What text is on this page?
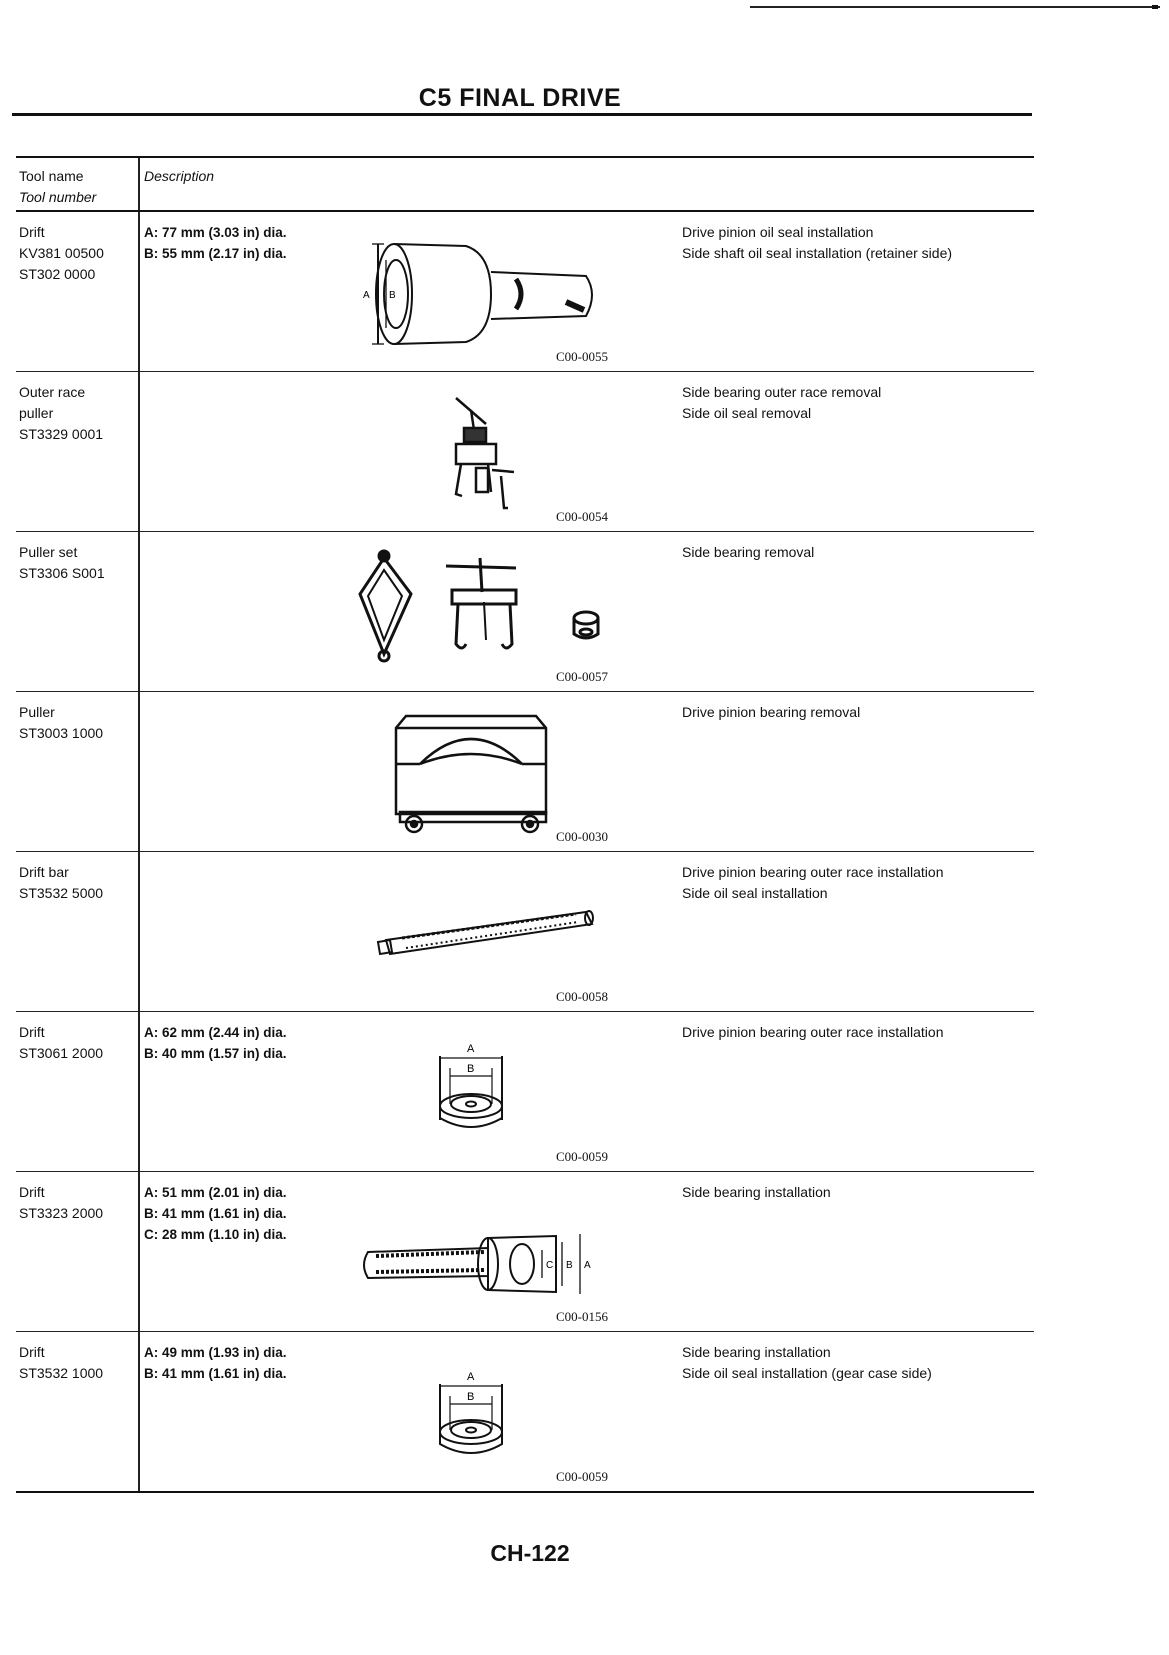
C5 FINAL DRIVE
Tool name
Tool number
Description
Drift
KV381 00500
ST302 0000
A: 77 mm (3.03 in) dia.
B: 55 mm (2.17 in) dia.
A B
C00-0055
Drive pinion oil seal installation
Side shaft oil seal installation (retainer side)
Outer race
puller
ST3329 0001
C00-0054
Side bearing outer race removal
Side oil seal removal
Puller set
ST3306 S001
C00-0057
Side bearing removal
Puller
ST3003 1000
C00-0030
Drive pinion bearing removal
Drift bar
ST3532 5000
C00-0058
Drive pinion bearing outer race installation
Side oil seal installation
Drift
ST3061 2000
A: 62 mm (2.44 in) dia.
B: 40 mm (1.57 in) dia.	A
B
C00-0059
Drive pinion bearing outer race installation
Drift
ST3323 2000
A: 51 mm (2.01 in) dia.
B: 41 mm (1.61 in) dia.
C: 28 mm (1.10 in) dia.
C B A
C00-0156
Side bearing installation
Drift
ST3532 1000
A: 49 mm (1.93 in) dia.
B: 41 mm (1.61 in) dia.	A
B
C00-0059
Side bearing installation
Side oil seal installation (gear case side)
CH-122
